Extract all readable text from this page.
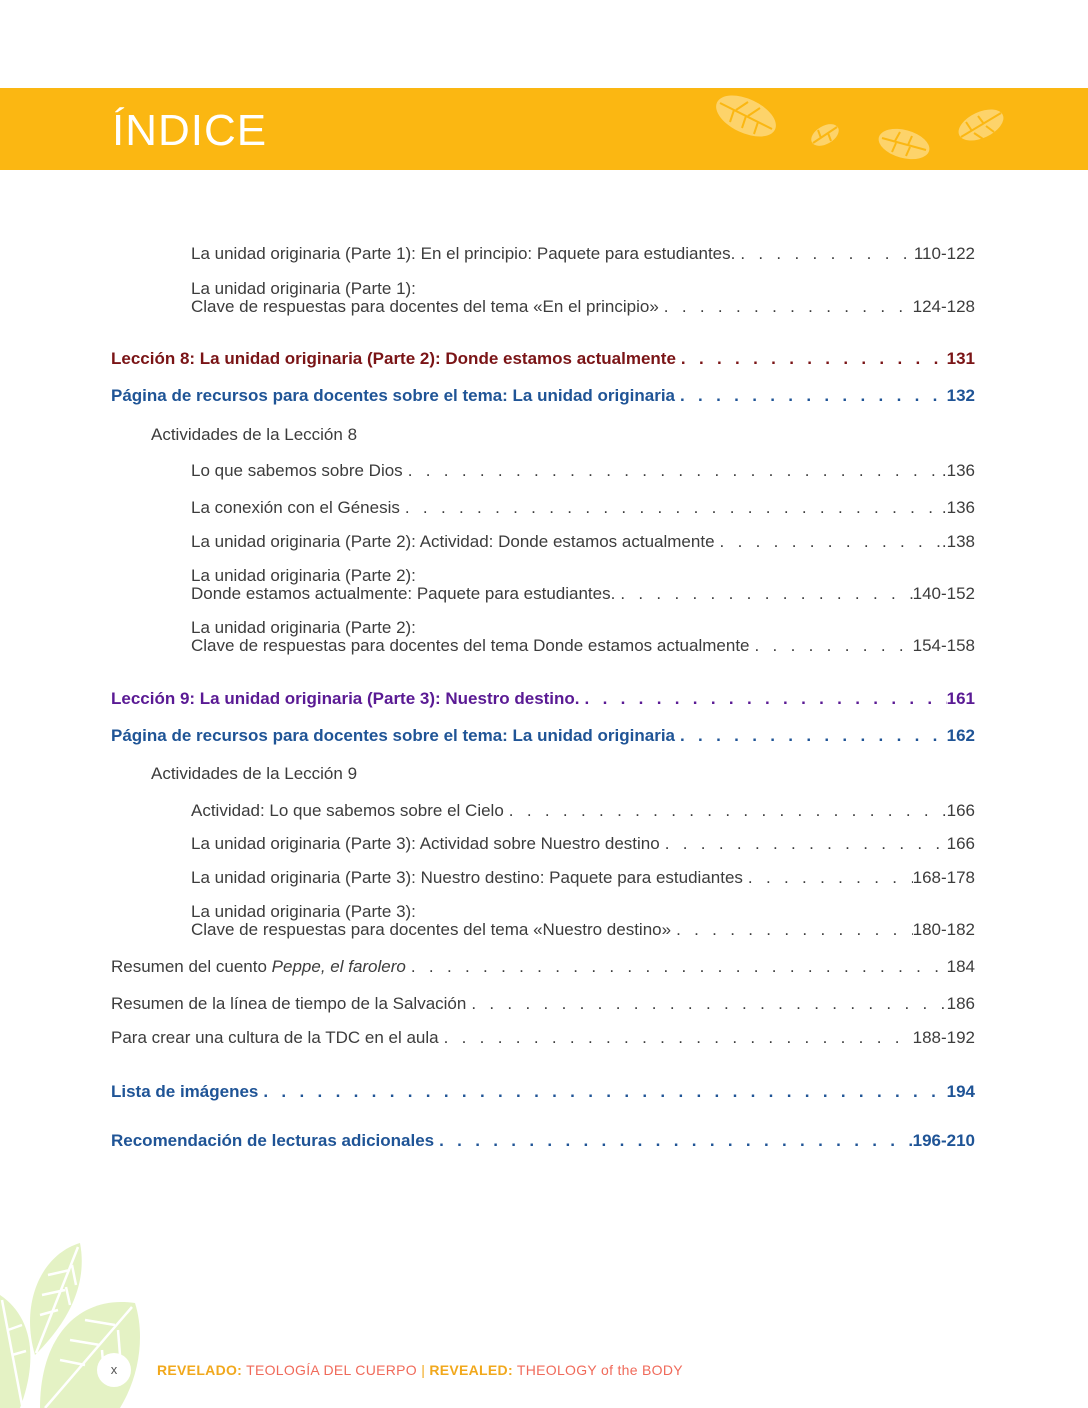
ÍNDICE
La unidad originaria (Parte 1): En el principio: Paquete para estudiantes. . . .	110-122
La unidad originaria (Parte 1):
Clave de respuestas para docentes del tema «En el principio» . . .	124-128
Lección 8: La unidad originaria (Parte 2): Donde estamos actualmente . . .	131
Página de recursos para docentes sobre el tema: La unidad originaria . . .	132
Actividades de la Lección 8
Lo que sabemos sobre Dios . . .	.136
La conexión con el Génesis . . .	.136
La unidad originaria (Parte 2): Actividad: Donde estamos actualmente . . .	.138
La unidad originaria (Parte 2):
Donde estamos actualmente: Paquete para estudiantes. . . .	140-152
La unidad originaria (Parte 2):
Clave de respuestas para docentes del tema Donde estamos actualmente . . .	154-158
Lección 9: La unidad originaria (Parte 3): Nuestro destino. . . .	161
Página de recursos para docentes sobre el tema: La unidad originaria . . .	162
Actividades de la Lección 9
Actividad: Lo que sabemos sobre el Cielo . . .	166
La unidad originaria (Parte 3): Actividad sobre Nuestro destino . . .	166
La unidad originaria (Parte 3): Nuestro destino: Paquete para estudiantes . . .	168-178
La unidad originaria (Parte 3):
Clave de respuestas para docentes del tema «Nuestro destino» . . .	180-182
Resumen del cuento Peppe, el farolero . . .	184
Resumen de la línea de tiempo de la Salvación . . .	186
Para crear una cultura de la TDC en el aula . . .	188-192
Lista de imágenes . . .	194
Recomendación de lecturas adicionales . . .	196-210
x	REVELADO: TEOLOGÍA DEL CUERPO | REVEALED: THEOLOGY of the BODY
